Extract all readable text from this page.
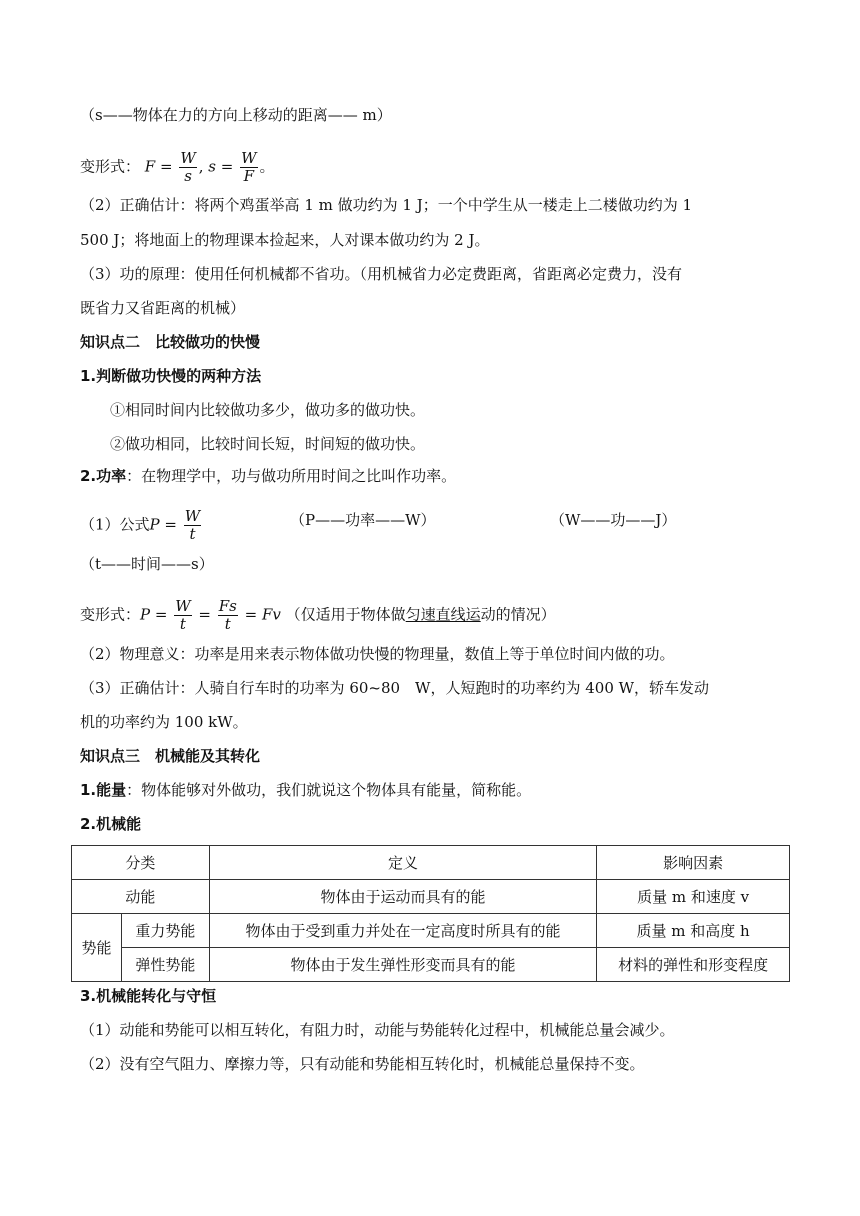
（s——物体在力的方向上移动的距离—— m）
变形式： $F = \frac{W}{s}$ , $s = \frac{W}{F}$ 。
（2）正确估计：将两个鸡蛋举高 1 m 做功约为 1 J；一个中学生从一楼走上二楼做功约为 1
500 J；将地面上的物理课本捡起来，人对课本做功约为 2 J。
（3）功的原理：使用任何机械都不省功。（用机械省力必定费距离，省距离必定费力，没有
既省力又省距离的机械）
知识点二　比较做功的快慢
1.判断做功快慢的两种方法
①相同时间内比较做功多少，做功多的做功快。
②做功相同，比较时间长短，时间短的做功快。
2.功率：在物理学中，功与做功所用时间之比叫作功率。
（1）公式$P = \frac{W}{t}$	（P——功率——W）	（W——功——J）
（t——时间——s）
变形式：$P = \frac{W}{t} = \frac{Fs}{t} = Fv$ （仅适用于物体做匀速直线运动的情况）
（2）物理意义：功率是用来表示物体做功快慢的物理量，数值上等于单位时间内做的功。
（3）正确估计：人骑自行车时的功率为 60~80　W，人短跑时的功率约为 400 W，轿车发动
机的功率约为 100 kW。
知识点三　机械能及其转化
1.能量：物体能够对外做功，我们就说这个物体具有能量，简称能。
2.机械能
分类		定义	影响因素
动能		物体由于运动而具有的能	质量 m 和速度 v
势能	重力势能	物体由于受到重力并处在一定高度时所具有的能	质量 m 和高度 h
	弹性势能	物体由于发生弹性形变而具有的能	材料的弹性和形变程度
3.机械能转化与守恒
（1）动能和势能可以相互转化，有阻力时，动能与势能转化过程中，机械能总量会减少。
（2）没有空气阻力、摩擦力等，只有动能和势能相互转化时，机械能总量保持不变。
